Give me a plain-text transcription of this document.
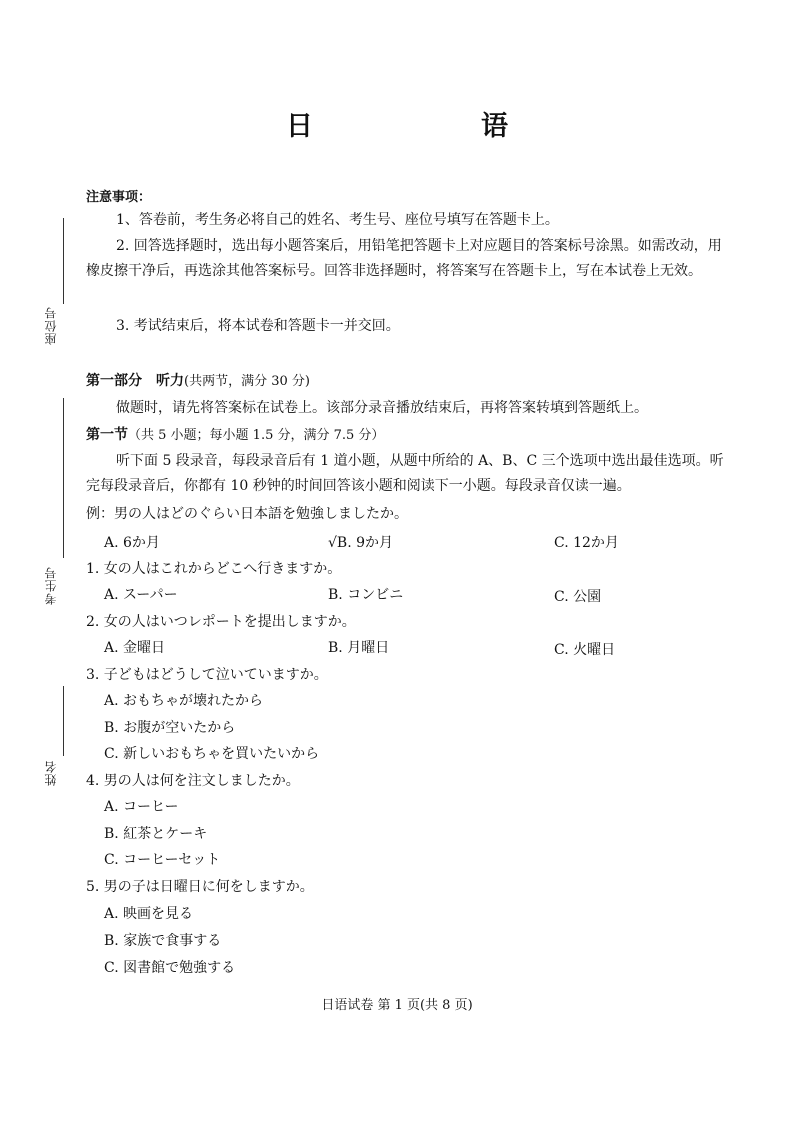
座位号
考生号
姓名
日　　语
注意事项：
1、答卷前，考生务必将自己的姓名、考生号、座位号填写在答题卡上。
2. 回答选择题时，选出每小题答案后，用铅笔把答题卡上对应题目的答案标号涂黑。如需改动，用橡皮擦干净后，再选涂其他答案标号。回答非选择题时，将答案写在答题卡上，写在本试卷上无效。
3. 考试结束后，将本试卷和答题卡一并交回。
第一部分　听力(共两节，满分 30 分)
做题时，请先将答案标在试卷上。该部分录音播放结束后，再将答案转填到答题纸上。
第一节（共 5 小题；每小题 1.5 分，满分 7.5 分）
听下面 5 段录音，每段录音后有 1 道小题，从题中所给的 A、B、C 三个选项中选出最佳选项。听完每段录音后，你都有 10 秒钟的时间回答该小题和阅读下一小题。每段录音仅读一遍。
例：男の人はどのぐらい日本語を勉強しましたか。
A. 6か月	√B. 9か月	C. 12か月
1. 女の人はこれからどこへ行きますか。
A. スーパー	B. コンビニ	C. 公園
2. 女の人はいつレポートを提出しますか。
A. 金曜日	B. 月曜日	C. 火曜日
3. 子どもはどうして泣いていますか。
A. おもちゃが壊れたから
B. お腹が空いたから
C. 新しいおもちゃを買いたいから
4. 男の人は何を注文しましたか。
A. コーヒー
B. 紅茶とケーキ
C. コーヒーセット
5. 男の子は日曜日に何をしますか。
A. 映画を見る
B. 家族で食事する
C. 図書館で勉強する
日语试卷 第 1 页(共 8 页)
